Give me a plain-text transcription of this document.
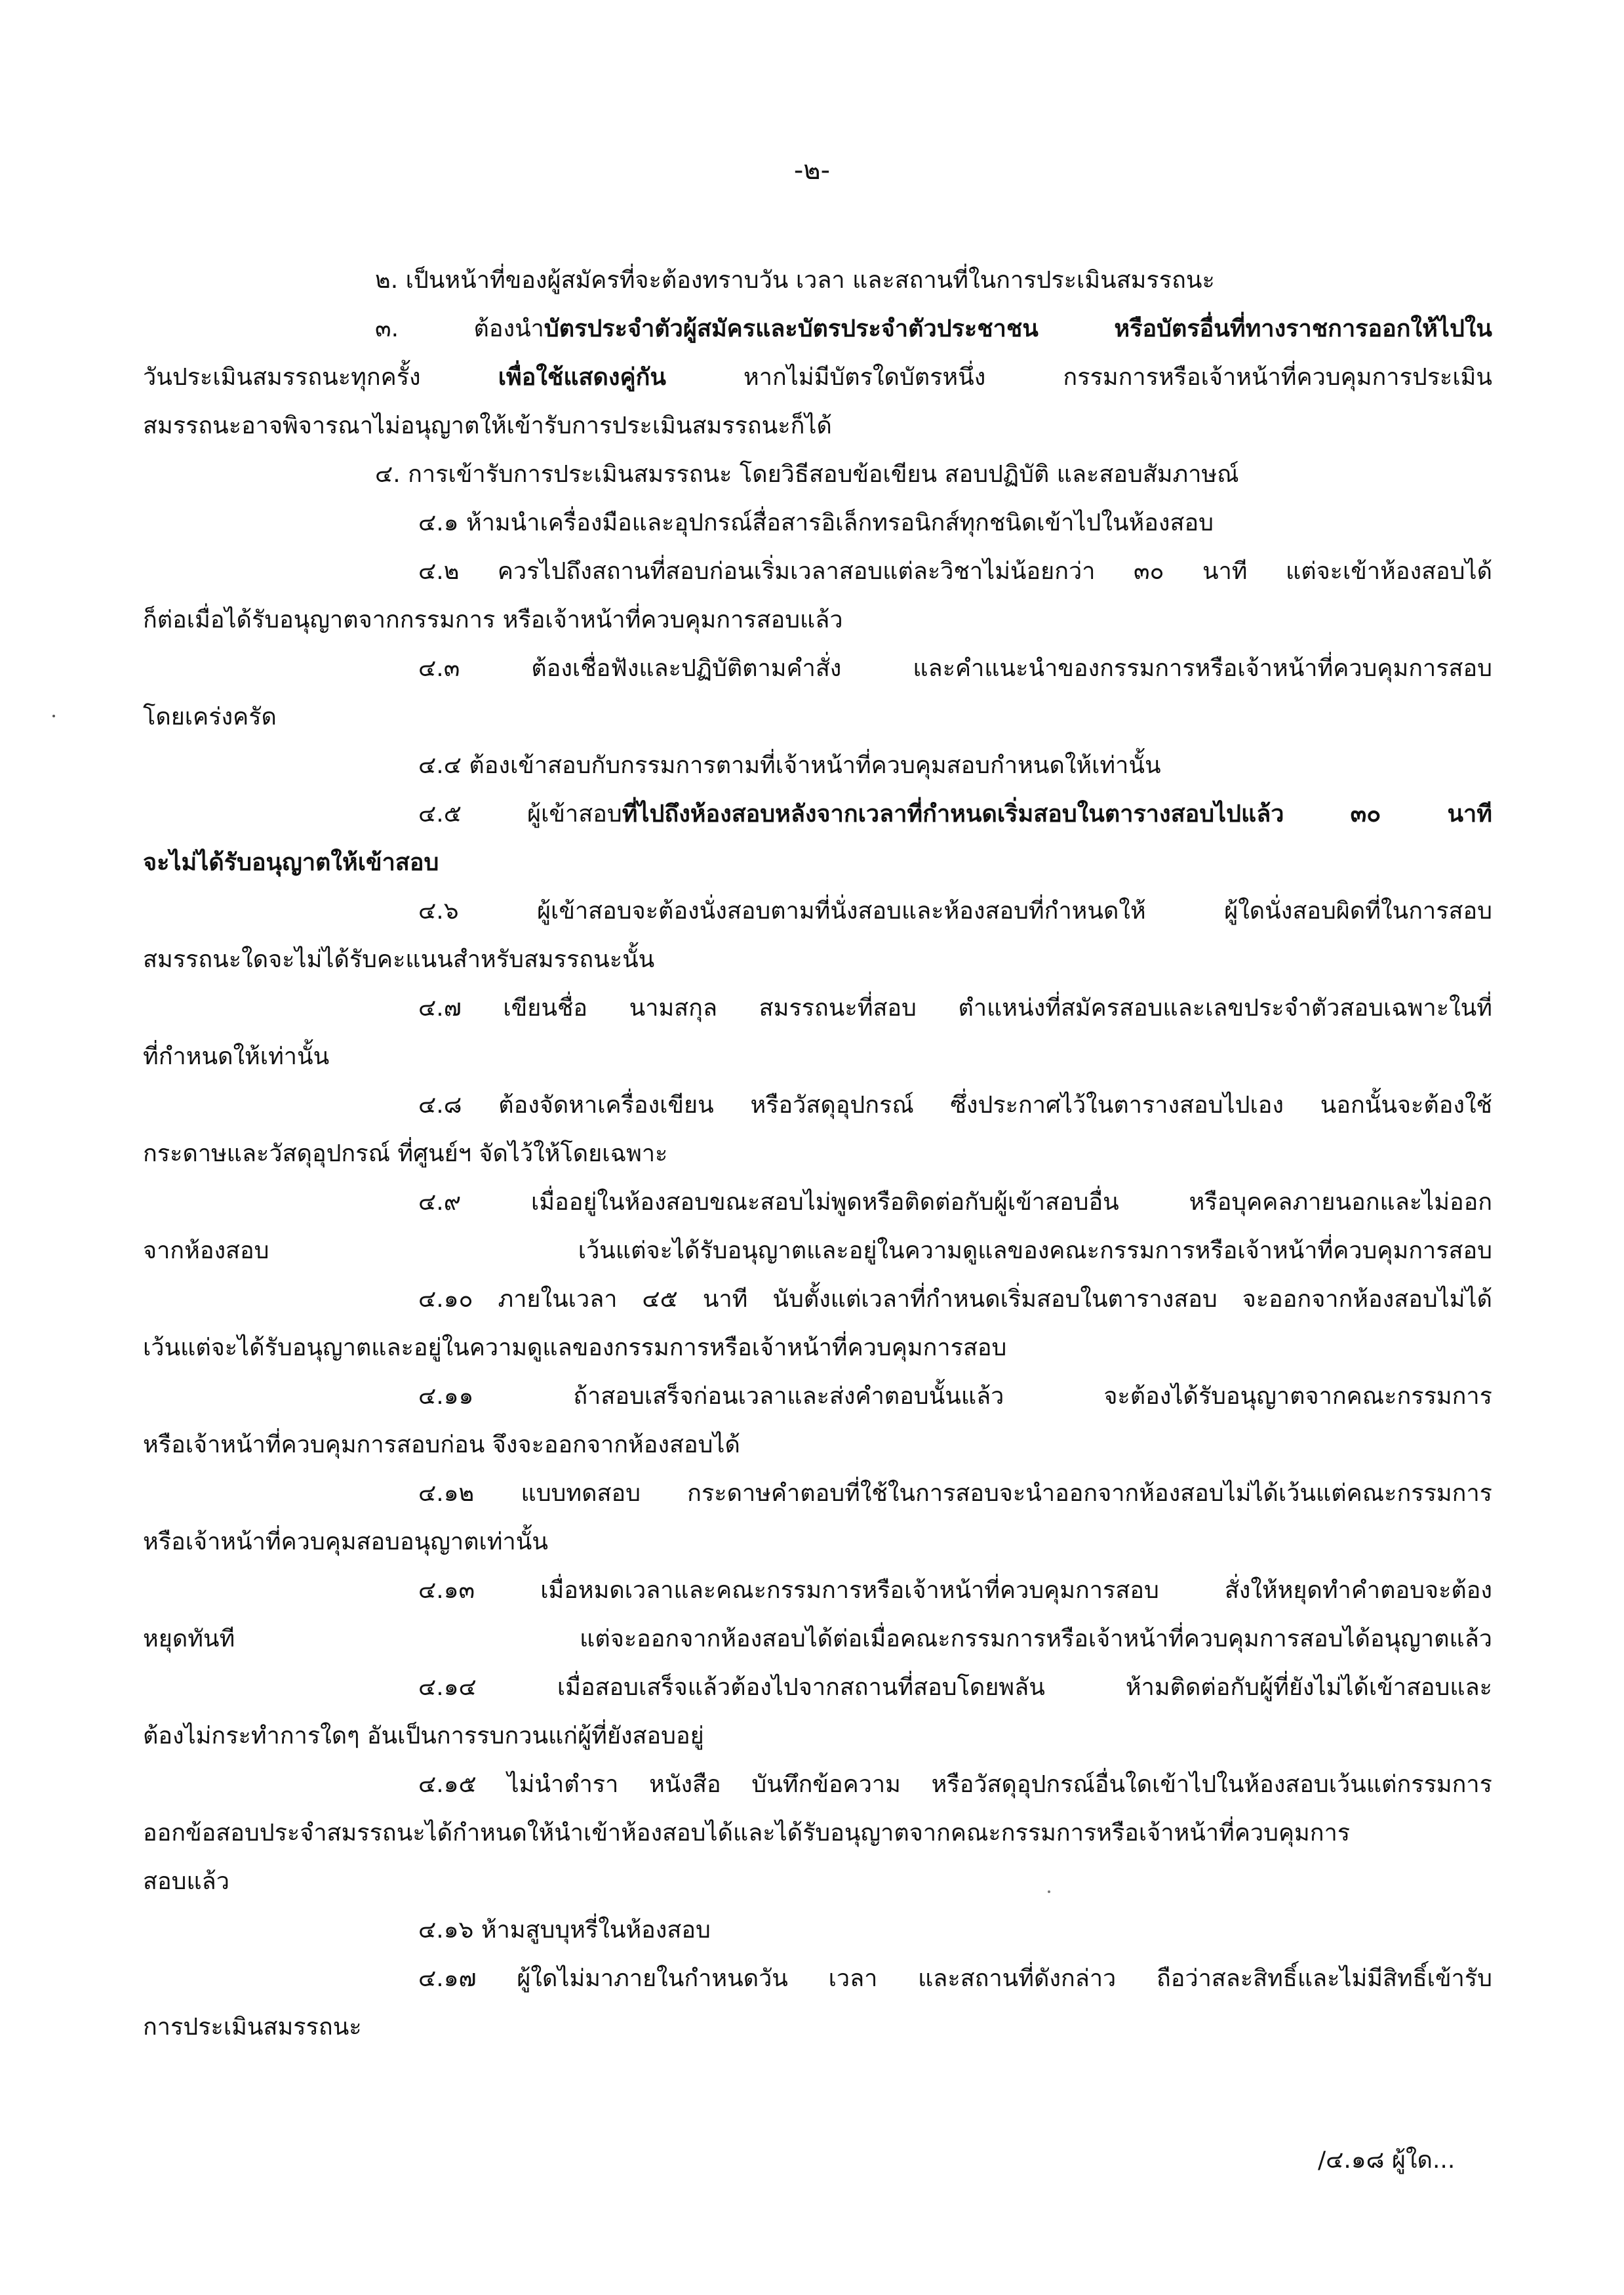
-๒-
๒. เป็นหน้าที่ของผู้สมัครที่จะต้องทราบวัน เวลา และสถานที่ในการประเมินสมรรถนะ
๓. ต้องนำบัตรประจำตัวผู้สมัครและบัตรประจำตัวประชาชน หรือบัตรอื่นที่ทางราชการออกให้ไปใน
วันประเมินสมรรถนะทุกครั้ง เพื่อใช้แสดงคู่กัน หากไม่มีบัตรใดบัตรหนึ่ง กรรมการหรือเจ้าหน้าที่ควบคุมการประเมิน
สมรรถนะอาจพิจารณาไม่อนุญาตให้เข้ารับการประเมินสมรรถนะก็ได้
๔. การเข้ารับการประเมินสมรรถนะ โดยวิธีสอบข้อเขียน สอบปฏิบัติ และสอบสัมภาษณ์
๔.๑ ห้ามนำเครื่องมือและอุปกรณ์สื่อสารอิเล็กทรอนิกส์ทุกชนิดเข้าไปในห้องสอบ
๔.๒ ควรไปถึงสถานที่สอบก่อนเริ่มเวลาสอบแต่ละวิชาไม่น้อยกว่า ๓๐ นาที แต่จะเข้าห้องสอบได้
ก็ต่อเมื่อได้รับอนุญาตจากกรรมการ หรือเจ้าหน้าที่ควบคุมการสอบแล้ว
๔.๓ ต้องเชื่อฟังและปฏิบัติตามคำสั่ง และคำแนะนำของกรรมการหรือเจ้าหน้าที่ควบคุมการสอบ
โดยเคร่งครัด
๔.๔ ต้องเข้าสอบกับกรรมการตามที่เจ้าหน้าที่ควบคุมสอบกำหนดให้เท่านั้น
๔.๕ ผู้เข้าสอบที่ไปถึงห้องสอบหลังจากเวลาที่กำหนดเริ่มสอบในตารางสอบไปแล้ว ๓๐ นาที
จะไม่ได้รับอนุญาตให้เข้าสอบ
๔.๖ ผู้เข้าสอบจะต้องนั่งสอบตามที่นั่งสอบและห้องสอบที่กำหนดให้ ผู้ใดนั่งสอบผิดที่ในการสอบ
สมรรถนะใดจะไม่ได้รับคะแนนสำหรับสมรรถนะนั้น
๔.๗ เขียนชื่อ นามสกุล สมรรถนะที่สอบ ตำแหน่งที่สมัครสอบและเลขประจำตัวสอบเฉพาะในที่
ที่กำหนดให้เท่านั้น
๔.๘ ต้องจัดหาเครื่องเขียน หรือวัสดุอุปกรณ์ ซึ่งประกาศไว้ในตารางสอบไปเอง นอกนั้นจะต้องใช้
กระดาษและวัสดุอุปกรณ์ ที่ศูนย์ฯ จัดไว้ให้โดยเฉพาะ
๔.๙ เมื่ออยู่ในห้องสอบขณะสอบไม่พูดหรือติดต่อกับผู้เข้าสอบอื่น หรือบุคคลภายนอกและไม่ออก
จากห้องสอบ เว้นแต่จะได้รับอนุญาตและอยู่ในความดูแลของคณะกรรมการหรือเจ้าหน้าที่ควบคุมการสอบ
๔.๑๐ ภายในเวลา ๔๕ นาที นับตั้งแต่เวลาที่กำหนดเริ่มสอบในตารางสอบ จะออกจากห้องสอบไม่ได้
เว้นแต่จะได้รับอนุญาตและอยู่ในความดูแลของกรรมการหรือเจ้าหน้าที่ควบคุมการสอบ
๔.๑๑ ถ้าสอบเสร็จก่อนเวลาและส่งคำตอบนั้นแล้ว จะต้องได้รับอนุญาตจากคณะกรรมการ
หรือเจ้าหน้าที่ควบคุมการสอบก่อน จึงจะออกจากห้องสอบได้
๔.๑๒ แบบทดสอบ กระดาษคำตอบที่ใช้ในการสอบจะนำออกจากห้องสอบไม่ได้เว้นแต่คณะกรรมการ
หรือเจ้าหน้าที่ควบคุมสอบอนุญาตเท่านั้น
๔.๑๓ เมื่อหมดเวลาและคณะกรรมการหรือเจ้าหน้าที่ควบคุมการสอบ สั่งให้หยุดทำคำตอบจะต้อง
หยุดทันที แต่จะออกจากห้องสอบได้ต่อเมื่อคณะกรรมการหรือเจ้าหน้าที่ควบคุมการสอบได้อนุญาตแล้ว
๔.๑๔ เมื่อสอบเสร็จแล้วต้องไปจากสถานที่สอบโดยพลัน ห้ามติดต่อกับผู้ที่ยังไม่ได้เข้าสอบและ
ต้องไม่กระทำการใดๆ อันเป็นการรบกวนแก่ผู้ที่ยังสอบอยู่
๔.๑๕ ไม่นำตำรา หนังสือ บันทึกข้อความ หรือวัสดุอุปกรณ์อื่นใดเข้าไปในห้องสอบเว้นแต่กรรมการ
ออกข้อสอบประจำสมรรถนะได้กำหนดให้นำเข้าห้องสอบได้และได้รับอนุญาตจากคณะกรรมการหรือเจ้าหน้าที่ควบคุมการ
สอบแล้ว
๔.๑๖ ห้ามสูบบุหรี่ในห้องสอบ
๔.๑๗ ผู้ใดไม่มาภายในกำหนดวัน เวลา และสถานที่ดังกล่าว ถือว่าสละสิทธิ์และไม่มีสิทธิ์เข้ารับ
การประเมินสมรรถนะ
/๔.๑๘ ผู้ใด...
